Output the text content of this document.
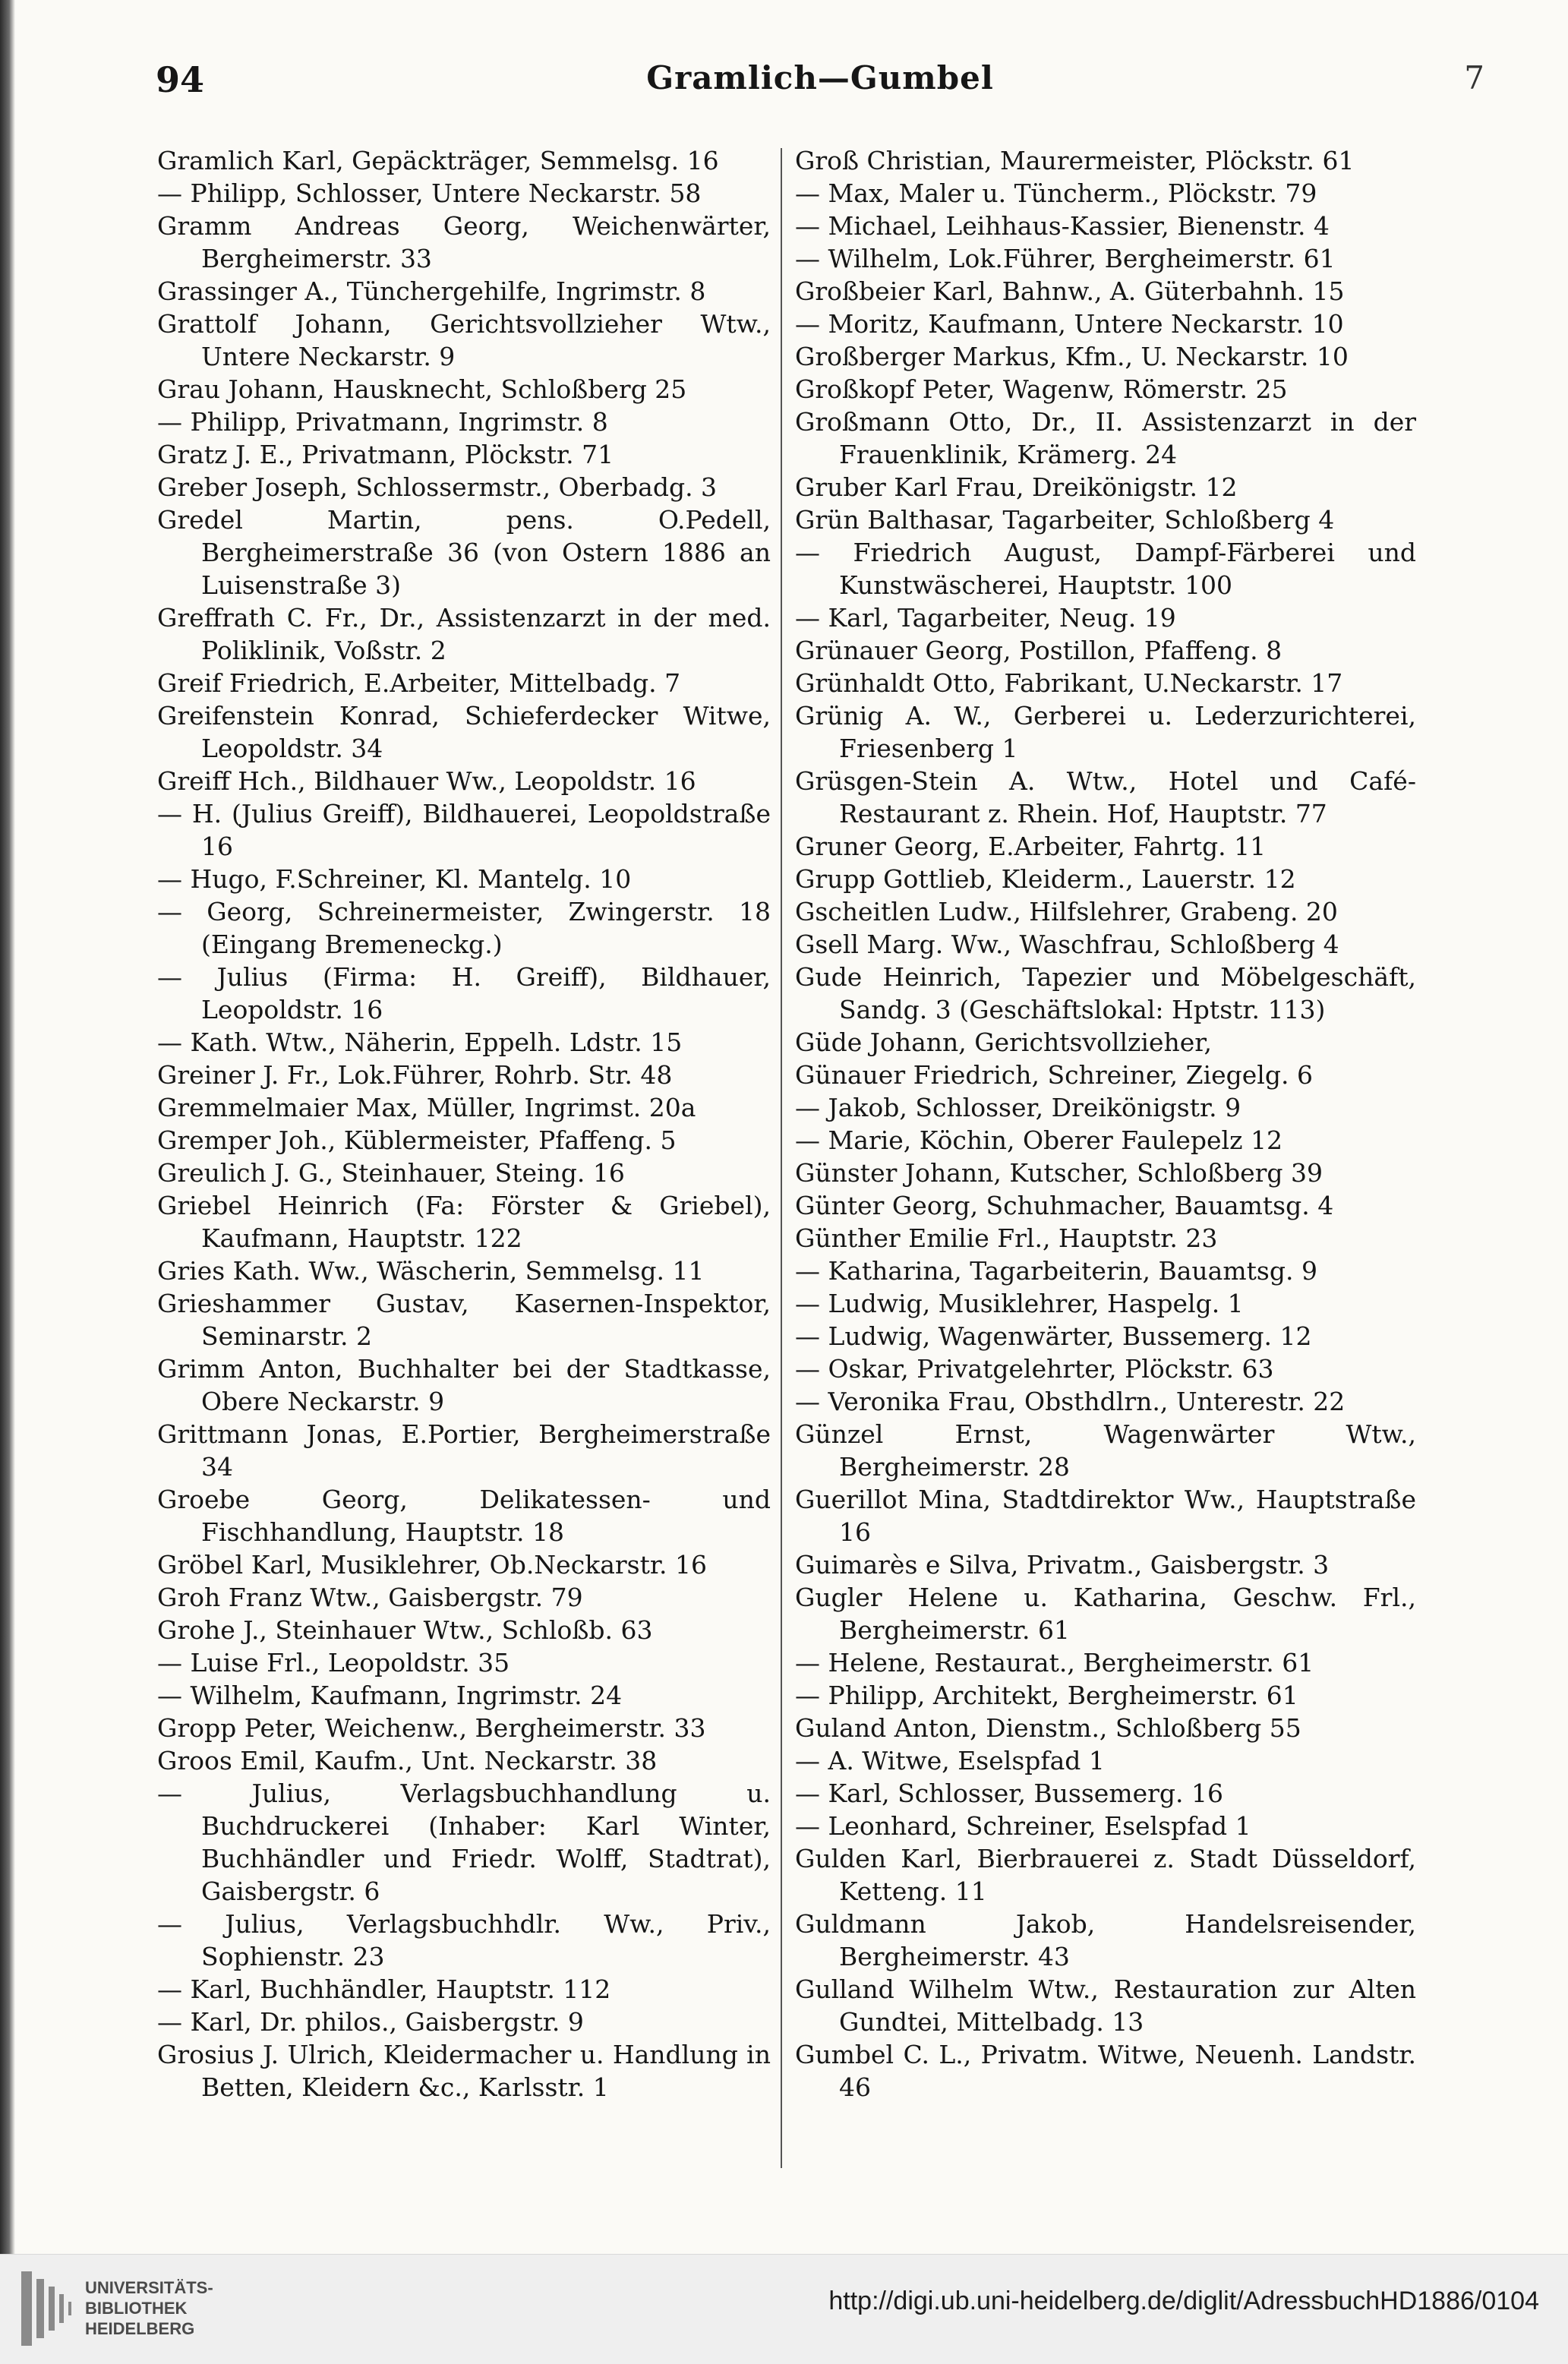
94	Gramlich—Gumbel	7

Gramlich Karl, Gepäckträger, Semmelsg. 16

— Philipp, Schlosser, Untere Neckarstr. 58

Gramm Andreas Georg, Weichenwärter, Bergheimerstr. 33

Grassinger A., Tünchergehilfe, Ingrimstr. 8

Grattolf Johann, Gerichtsvollzieher Wtw., Untere Neckarstr. 9

Grau Johann, Hausknecht, Schloßberg 25

— Philipp, Privatmann, Ingrimstr. 8

Gratz J. E., Privatmann, Plöckstr. 71

Greber Joseph, Schlossermstr., Oberbadg. 3

Gredel Martin, pens. O.Pedell, Bergheimerstraße 36 (von Ostern 1886 an Luisenstraße 3)

Greffrath C. Fr., Dr., Assistenzarzt in der med. Poliklinik, Voßstr. 2

Greif Friedrich, E.Arbeiter, Mittelbadg. 7

Greifenstein Konrad, Schieferdecker Witwe, Leopoldstr. 34

Greiff Hch., Bildhauer Ww., Leopoldstr. 16

— H. (Julius Greiff), Bildhauerei, Leopoldstraße 16

— Hugo, F.Schreiner, Kl. Mantelg. 10

— Georg, Schreinermeister, Zwingerstr. 18 (Eingang Bremeneckg.)

— Julius (Firma: H. Greiff), Bildhauer, Leopoldstr. 16

— Kath. Wtw., Näherin, Eppelh. Ldstr. 15

Greiner J. Fr., Lok.Führer, Rohrb. Str. 48

Gremmelmaier Max, Müller, Ingrimst. 20a

Gremper Joh., Küblermeister, Pfaffeng. 5

Greulich J. G., Steinhauer, Steing. 16

Griebel Heinrich (Fa: Förster & Griebel), Kaufmann, Hauptstr. 122

Gries Kath. Ww., Wäscherin, Semmelsg. 11

Grieshammer Gustav, Kasernen-Inspektor, Seminarstr. 2

Grimm Anton, Buchhalter bei der Stadtkasse, Obere Neckarstr. 9

Grittmann Jonas, E.Portier, Bergheimerstraße 34

Groebe Georg, Delikatessen- und Fischhandlung, Hauptstr. 18

Gröbel Karl, Musiklehrer, Ob.Neckarstr. 16

Groh Franz Wtw., Gaisbergstr. 79

Grohe J., Steinhauer Wtw., Schloßb. 63

— Luise Frl., Leopoldstr. 35

— Wilhelm, Kaufmann, Ingrimstr. 24

Gropp Peter, Weichenw., Bergheimerstr. 33

Groos Emil, Kaufm., Unt. Neckarstr. 38

— Julius, Verlagsbuchhandlung u. Buchdruckerei (Inhaber: Karl Winter, Buchhändler und Friedr. Wolff, Stadtrat), Gaisbergstr. 6

— Julius, Verlagsbuchhdlr. Ww., Priv., Sophienstr. 23

— Karl, Buchhändler, Hauptstr. 112

— Karl, Dr. philos., Gaisbergstr. 9

Grosius J. Ulrich, Kleidermacher u. Handlung in Betten, Kleidern &c., Karlsstr. 1

Groß Christian, Maurermeister, Plöckstr. 61

— Max, Maler u. Tüncherm., Plöckstr. 79

— Michael, Leihhaus-Kassier, Bienenstr. 4

— Wilhelm, Lok.Führer, Bergheimerstr. 61

Großbeier Karl, Bahnw., A. Güterbahnh. 15

— Moritz, Kaufmann, Untere Neckarstr. 10

Großberger Markus, Kfm., U. Neckarstr. 10

Großkopf Peter, Wagenw, Römerstr. 25

Großmann Otto, Dr., II. Assistenzarzt in der Frauenklinik, Krämerg. 24

Gruber Karl Frau, Dreikönigstr. 12

Grün Balthasar, Tagarbeiter, Schloßberg 4

— Friedrich August, Dampf-Färberei und Kunstwäscherei, Hauptstr. 100

— Karl, Tagarbeiter, Neug. 19

Grünauer Georg, Postillon, Pfaffeng. 8

Grünhaldt Otto, Fabrikant, U.Neckarstr. 17

Grünig A. W., Gerberei u. Lederzurichterei, Friesenberg 1

Grüsgen-Stein A. Wtw., Hotel und Café-Restaurant z. Rhein. Hof, Hauptstr. 77

Gruner Georg, E.Arbeiter, Fahrtg. 11

Grupp Gottlieb, Kleiderm., Lauerstr. 12

Gscheitlen Ludw., Hilfslehrer, Grabeng. 20

Gsell Marg. Ww., Waschfrau, Schloßberg 4

Gude Heinrich, Tapezier und Möbelgeschäft, Sandg. 3 (Geschäftslokal: Hptstr. 113)

Güde Johann, Gerichtsvollzieher,

Günauer Friedrich, Schreiner, Ziegelg. 6

— Jakob, Schlosser, Dreikönigstr. 9

— Marie, Köchin, Oberer Faulepelz 12

Günster Johann, Kutscher, Schloßberg 39

Günter Georg, Schuhmacher, Bauamtsg. 4

Günther Emilie Frl., Hauptstr. 23

— Katharina, Tagarbeiterin, Bauamtsg. 9

— Ludwig, Musiklehrer, Haspelg. 1

— Ludwig, Wagenwärter, Bussemerg. 12

— Oskar, Privatgelehrter, Plöckstr. 63

— Veronika Frau, Obsthdlrn., Unterestr. 22

Günzel Ernst, Wagenwärter Wtw., Bergheimerstr. 28

Guerillot Mina, Stadtdirektor Ww., Hauptstraße 16

Guimarès e Silva, Privatm., Gaisbergstr. 3

Gugler Helene u. Katharina, Geschw. Frl., Bergheimerstr. 61

— Helene, Restaurat., Bergheimerstr. 61

— Philipp, Architekt, Bergheimerstr. 61

Guland Anton, Dienstm., Schloßberg 55

— A. Witwe, Eselspfad 1

— Karl, Schlosser, Bussemerg. 16

— Leonhard, Schreiner, Eselspfad 1

Gulden Karl, Bierbrauerei z. Stadt Düsseldorf, Ketteng. 11

Guldmann Jakob, Handelsreisender, Bergheimerstr. 43

Gulland Wilhelm Wtw., Restauration zur Alten Gundtei, Mittelbadg. 13

Gumbel C. L., Privatm. Witwe, Neuenh. Landstr. 46

UNIVERSITÄTS-
BIBLIOTHEK
HEIDELBERG
http://digi.ub.uni-heidelberg.de/diglit/AdressbuchHD1886/0104
